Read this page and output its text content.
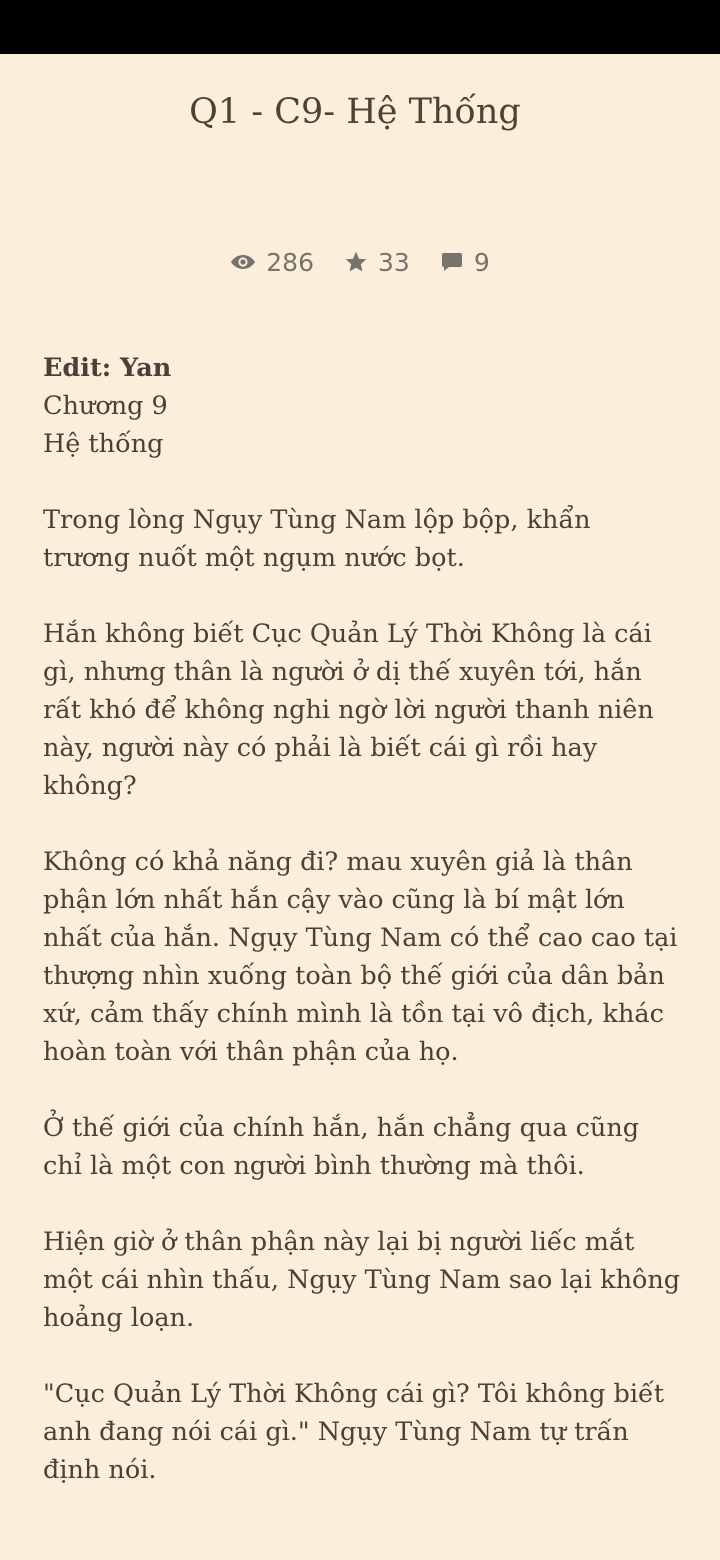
Q1 - C9- Hệ Thống
286	33	9
Edit: Yan
Chương 9
Hệ thống

Trong lòng Ngụy Tùng Nam lộp bộp, khẩn trương nuốt một ngụm nước bọt.

Hắn không biết Cục Quản Lý Thời Không là cái gì, nhưng thân là người ở dị thế xuyên tới, hắn rất khó để không nghi ngờ lời người thanh niên này, người này có phải là biết cái gì rồi hay không?

Không có khả năng đi? mau xuyên giả là thân phận lớn nhất hắn cậy vào cũng là bí mật lớn nhất của hắn. Ngụy Tùng Nam có thể cao cao tại thượng nhìn xuống toàn bộ thế giới của dân bản xứ, cảm thấy chính mình là tồn tại vô địch, khác hoàn toàn với thân phận của họ.

Ở thế giới của chính hắn, hắn chẳng qua cũng chỉ là một con người bình thường mà thôi.

Hiện giờ ở thân phận này lại bị người liếc mắt một cái nhìn thấu, Ngụy Tùng Nam sao lại không hoảng loạn.

"Cục Quản Lý Thời Không cái gì? Tôi không biết anh đang nói cái gì." Ngụy Tùng Nam tự trấn định nói.
